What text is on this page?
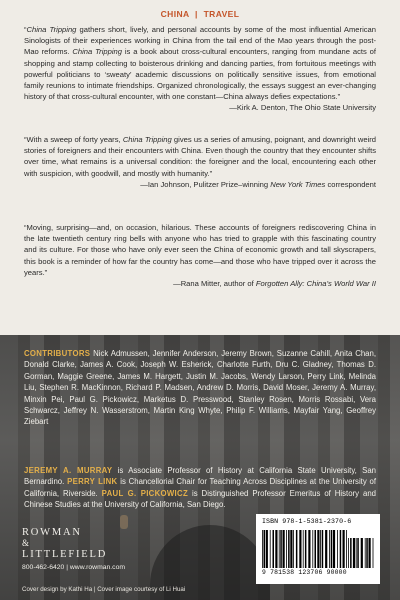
CHINA | TRAVEL
“China Tripping gathers short, lively, and personal accounts by some of the most influential American Sinologists of their experiences working in China from the tail end of the Mao years through the post-Mao reforms. China Tripping is a book about cross-cultural encounters, ranging from mundane acts of shopping and stamp collecting to boisterous drinking and dancing parties, from fortuitous meetings with powerful politicians to ‘sweaty’ academic discussions on politically sensitive issues, from emotional family reunions to intimate friendships. Organized chronologically, the essays suggest an ever-changing history of that cross-cultural encounter, with one constant—China always defies expectations.”
—Kirk A. Denton, The Ohio State University
“With a sweep of forty years, China Tripping gives us a series of amusing, poignant, and downright weird stories of foreigners and their encounters with China. Even though the country that they encounter shifts over time, what remains is a universal condition: the foreigner and the local, encountering each other with suspicion, with goodwill, and mostly with humanity.”
—Ian Johnson, Pulitzer Prize–winning New York Times correspondent
“Moving, surprising—and, on occasion, hilarious. These accounts of foreigners rediscovering China in the late twentieth century ring bells with anyone who has tried to grapple with this fascinating country and its culture. For those who have only ever seen the China of economic growth and tall skyscrapers, this book is a reminder of how far the country has come—and those who have tripped over it across the years.”
—Rana Mitter, author of Forgotten Ally: China’s World War II
CONTRIBUTORS Nick Admussen, Jennifer Anderson, Jeremy Brown, Suzanne Cahill, Anita Chan, Donald Clarke, James A. Cook, Joseph W. Esherick, Charlotte Furth, Dru C. Gladney, Thomas D. Gorman, Maggie Greene, James M. Hargett, Justin M. Jacobs, Wendy Larson, Perry Link, Melinda Liu, Stephen R. MacKinnon, Richard P. Madsen, Andrew D. Morris, David Moser, Jeremy A. Murray, Minxin Pei, Paul G. Pickowicz, Marketus D. Presswood, Stanley Rosen, Morris Rossabi, Vera Schwarcz, Jeffrey N. Wasserstrom, Martin King Whyte, Philip F. Williams, Mayfair Yang, Geoffrey Ziebart
JEREMY A. MURRAY is Associate Professor of History at California State University, San Bernardino. PERRY LINK is Chancellorial Chair for Teaching Across Disciplines at the University of California, Riverside. PAUL G. PICKOWICZ is Distinguished Professor Emeritus of History and Chinese Studies at the University of California, San Diego.
ROWMAN
&
LITTLEFIELD
800-462-6420 | www.rowman.com
Cover design by Kathi Ha | Cover image courtesy of Li Huai
ISBN 978-1-5381-2370-6
9 781538 123706 90000
